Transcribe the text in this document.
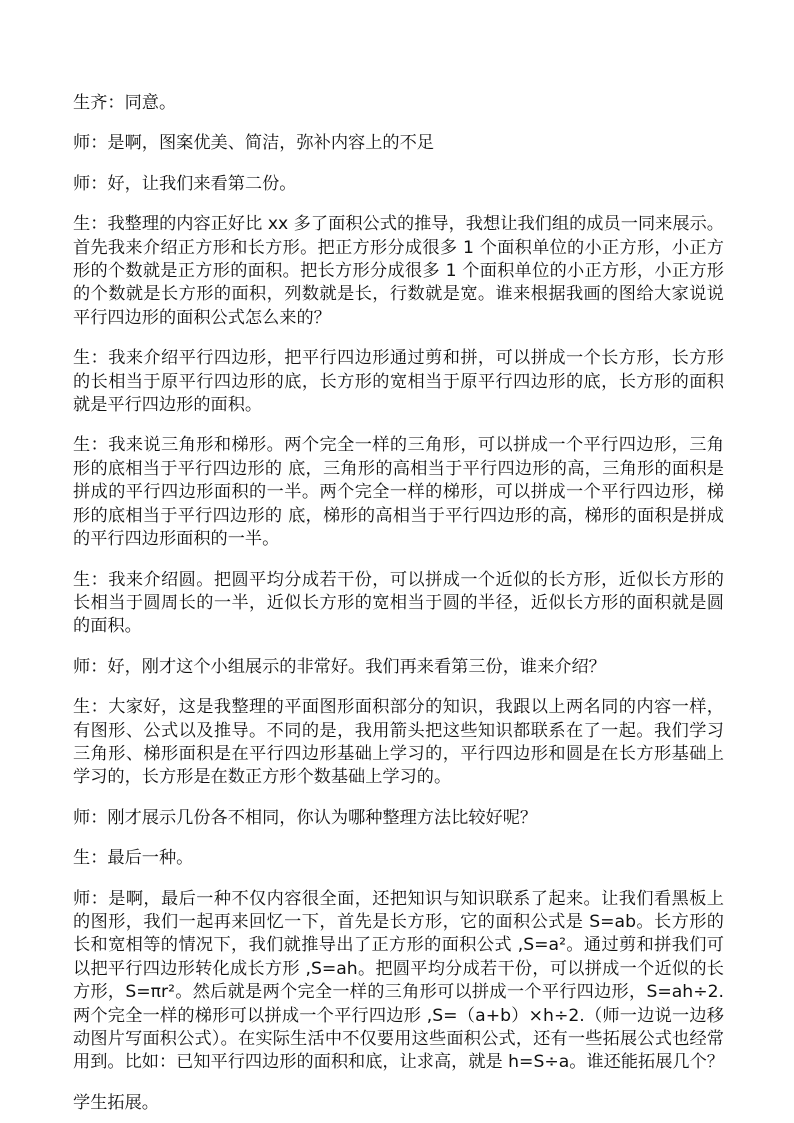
生齐：同意。

师：是啊，图案优美、简洁，弥补内容上的不足

师：好，让我们来看第二份。

生：我整理的内容正好比 xx 多了面积公式的推导，我想让我们组的成员一同来展示。首先我来介绍正方形和长方形。把正方形分成很多 1 个面积单位的小正方形，小正方形的个数就是正方形的面积。把长方形分成很多 1 个面积单位的小正方形，小正方形的个数就是长方形的面积，列数就是长，行数就是宽。谁来根据我画的图给大家说说平行四边形的面积公式怎么来的？

生：我来介绍平行四边形，把平行四边形通过剪和拼，可以拼成一个长方形，长方形的长相当于原平行四边形的底，长方形的宽相当于原平行四边形的底，长方形的面积就是平行四边形的面积。

生：我来说三角形和梯形。两个完全一样的三角形，可以拼成一个平行四边形，三角形的底相当于平行四边形的 底，三角形的高相当于平行四边形的高，三角形的面积是拼成的平行四边形面积的一半。两个完全一样的梯形，可以拼成一个平行四边形，梯形的底相当于平行四边形的 底，梯形的高相当于平行四边形的高，梯形的面积是拼成的平行四边形面积的一半。

生：我来介绍圆。把圆平均分成若干份，可以拼成一个近似的长方形，近似长方形的长相当于圆周长的一半，近似长方形的宽相当于圆的半径，近似长方形的面积就是圆的面积。

师：好，刚才这个小组展示的非常好。我们再来看第三份，谁来介绍？

生：大家好，这是我整理的平面图形面积部分的知识，我跟以上两名同的内容一样，有图形、公式以及推导。不同的是，我用箭头把这些知识都联系在了一起。我们学习三角形、梯形面积是在平行四边形基础上学习的，平行四边形和圆是在长方形基础上学习的，长方形是在数正方形个数基础上学习的。

师：刚才展示几份各不相同，你认为哪种整理方法比较好呢？

生：最后一种。

师：是啊，最后一种不仅内容很全面，还把知识与知识联系了起来。让我们看黑板上的图形，我们一起再来回忆一下，首先是长方形，它的面积公式是 S=ab。长方形的长和宽相等的情况下，我们就推导出了正方形的面积公式 ,S=a²。通过剪和拼我们可以把平行四边形转化成长方形 ,S=ah。把圆平均分成若干份，可以拼成一个近似的长方形，S=πr²。然后就是两个完全一样的三角形可以拼成一个平行四边形，S=ah÷2.两个完全一样的梯形可以拼成一个平行四边形 ,S=（a+b）×h÷2.（师一边说一边移动图片写面积公式）。在实际生活中不仅要用这些面积公式，还有一些拓展公式也经常用到。比如：已知平行四边形的面积和底，让求高，就是 h=S÷a。谁还能拓展几个？

学生拓展。
